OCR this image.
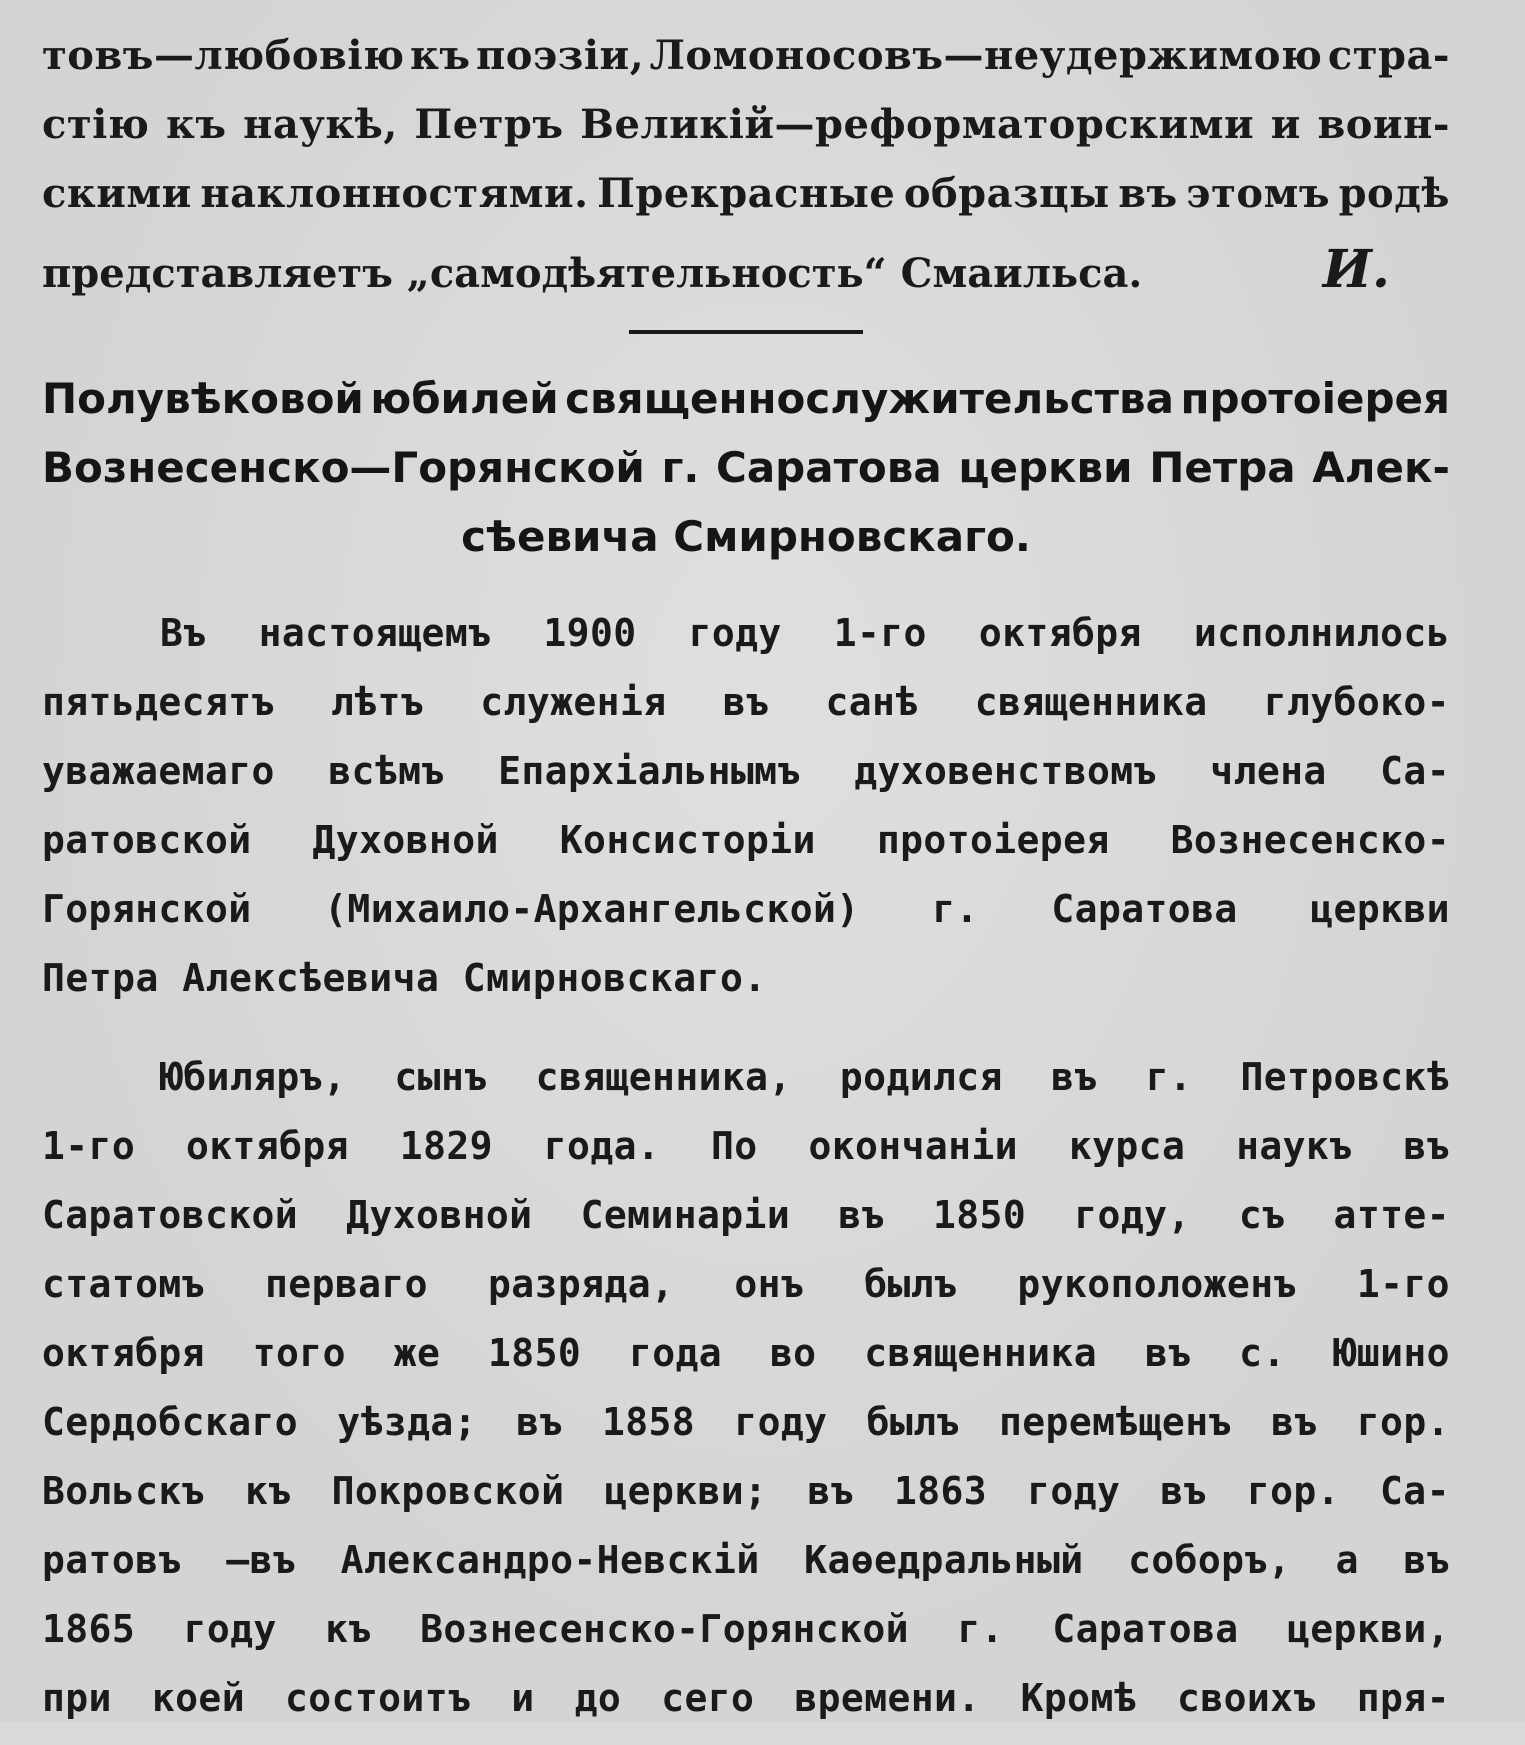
товъ—любовію къ поэзіи, Ломоносовъ—неудержимою стра-
стію къ наукѣ, Петръ Великій—реформаторскими и воин-
скими наклонностями. Прекрасные образцы въ этомъ родѣ
представляетъ „самодѣятельность“ Смаильса.	И.
Полувѣковой юбилей священнослужительства протоіерея
Вознесенско—Горянской г. Саратова церкви Петра Алек-
сѣевича Смирновскаго.
Въ настоящемъ 1900 году 1-го октября исполнилось
пятьдесятъ лѣтъ служенія въ санѣ священника глубоко-
уважаемаго всѣмъ Епархіальнымъ духовенствомъ члена Са-
ратовской Духовной Консисторіи протоіерея Вознесенско-
Горянской (Михаило-Архангельской) г. Саратова церкви
Петра Алексѣевича Смирновскаго.
Юбиляръ, сынъ священника, родился въ г. Петровскѣ
1-го октября 1829 года. По окончаніи курса наукъ въ
Саратовской Духовной Семинаріи въ 1850 году, съ атте-
статомъ перваго разряда, онъ былъ рукоположенъ 1-го
октября того же 1850 года во священника въ с. Юшино
Сердобскаго уѣзда; въ 1858 году былъ перемѣщенъ въ гор.
Вольскъ къ Покровской церкви; въ 1863 году въ гор. Са-
ратовъ —въ Александро-Невскій Каѳедральный соборъ, а въ
1865 году къ Вознесенско-Горянской г. Саратова церкви,
при коей состоитъ и до сего времени. Кромѣ своихъ пря-
